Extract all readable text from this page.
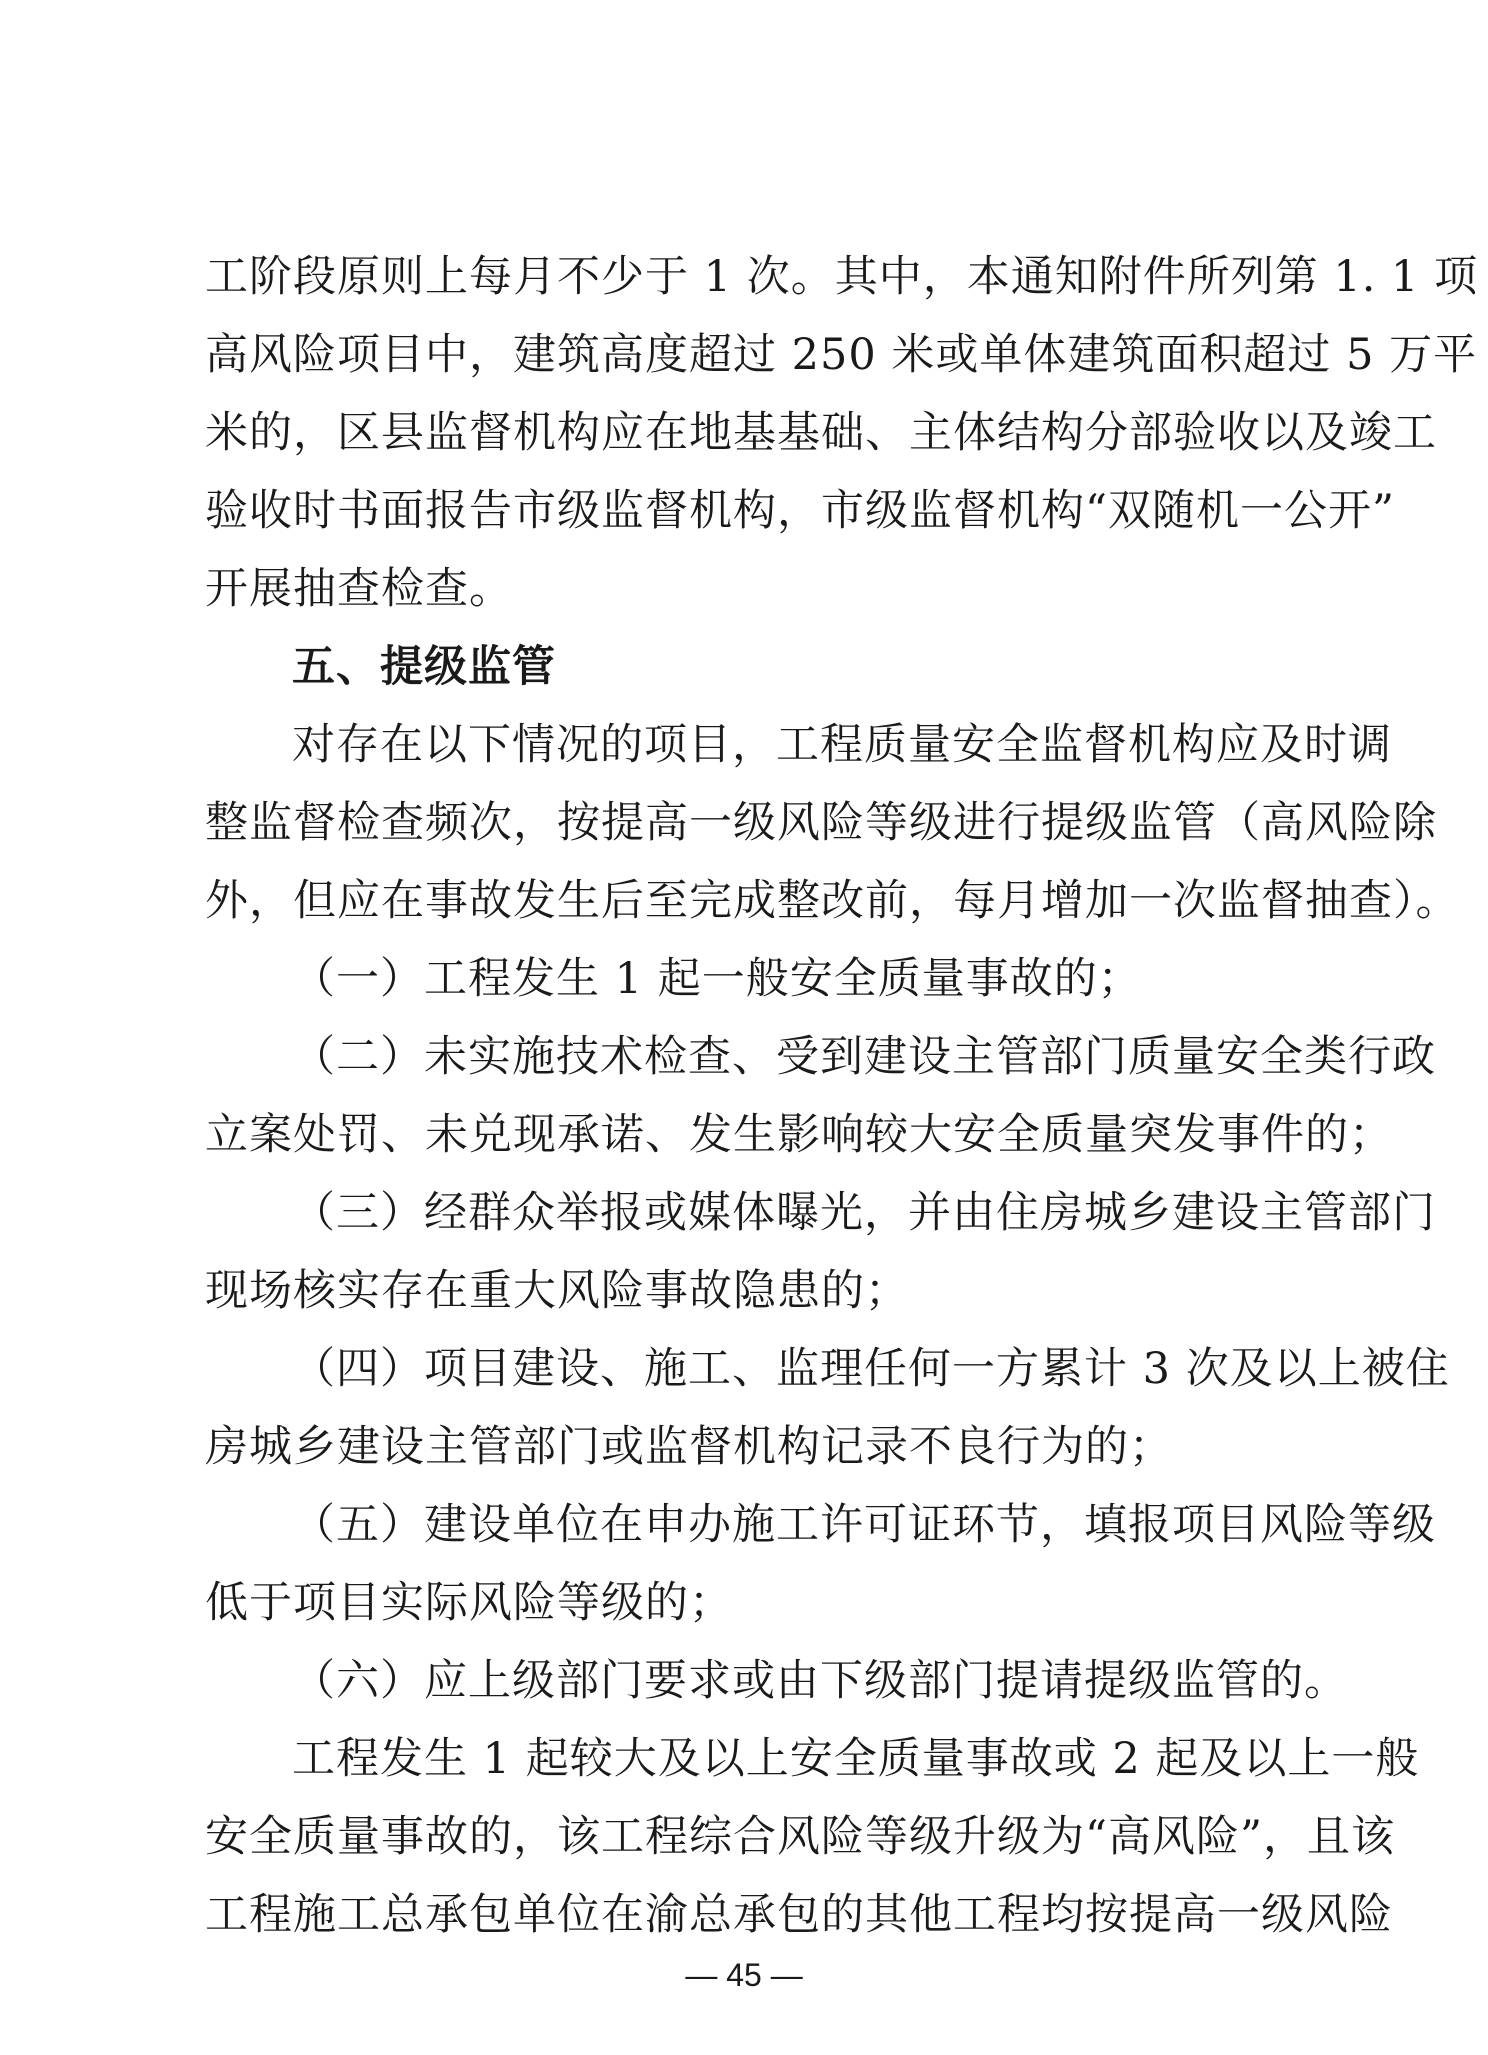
工阶段原则上每月不少于 1 次。其中，本通知附件所列第 1. 1 项
高风险项目中，建筑高度超过 250 米或单体建筑面积超过 5 万平
米的，区县监督机构应在地基基础、主体结构分部验收以及竣工
验收时书面报告市级监督机构，市级监督机构“双随机一公开”
开展抽查检查。
五、提级监管
对存在以下情况的项目，工程质量安全监督机构应及时调
整监督检查频次，按提高一级风险等级进行提级监管（高风险除
外，但应在事故发生后至完成整改前，每月增加一次监督抽查）。
（一）工程发生 1 起一般安全质量事故的；
（二）未实施技术检查、受到建设主管部门质量安全类行政
立案处罚、未兑现承诺、发生影响较大安全质量突发事件的；
（三）经群众举报或媒体曝光，并由住房城乡建设主管部门
现场核实存在重大风险事故隐患的；
（四）项目建设、施工、监理任何一方累计 3 次及以上被住
房城乡建设主管部门或监督机构记录不良行为的；
（五）建设单位在申办施工许可证环节，填报项目风险等级
低于项目实际风险等级的；
（六）应上级部门要求或由下级部门提请提级监管的。
工程发生 1 起较大及以上安全质量事故或 2 起及以上一般
安全质量事故的，该工程综合风险等级升级为“高风险”，且该
工程施工总承包单位在渝总承包的其他工程均按提高一级风险
— 45 —
